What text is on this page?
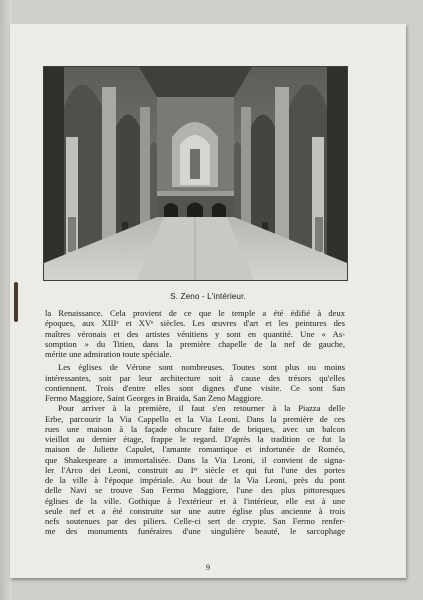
S. Zeno - L'intérieur.

la Renaissance. Cela provient de ce que le temple a été édifié à deux
époques, aux XIIIᵉ et XVᵉ siècles. Les œuvres d'art et les peintures des
maîtres véronais et des artistes vénitiens y sont en quantité. Une « As-
somption » du Titien, dans la première chapelle de la nef de gauche,
mérite une admiration toute spéciale.
Les églises de Vérone sont nombreuses. Toutes sont plus ou moins
intéressantes, soit par leur architecture soit à cause des trésors qu'elles
contiennent. Trois d'entre elles sont dignes d'une visite. Ce sont San
Fermo Maggiore, Saint Georges in Braida, San Zeno Maggiore.
Pour arriver à la première, il faut s'en retourner à la Piazza delle
Erbe, parcourir la Via Cappello et la Via Leoni. Dans la première de ces
rues une maison à la façade obscure faite de briques, avec un balcon
vieillot au dernier étage, frappe le regard. D'après la tradition ce fut la
maison de Juliette Capulet, l'amante romantique et infortunée de Roméo,
que Shakespeare a immortalisée. Dans la Via Leoni, il convient de signa-
ler l'Arco dei Leoni, construit au Iᵉʳ siècle et qui fut l'une des portes
de la ville à l'époque impériale. Au bout de la Via Leoni, près du pont
delle Navi se trouve San Fermo Maggiore, l'une des plus pittoresques
églises de la ville. Gothique à l'extérieur et à l'intérieur, elle est à une
seule nef et a été construite sur une autre église plus ancienne à trois
nefs soutenues par des piliers. Celle-ci sert de crypte. San Fermo renfer-
me des monuments funéraires d'une singulière beauté, le sarcophage

9
